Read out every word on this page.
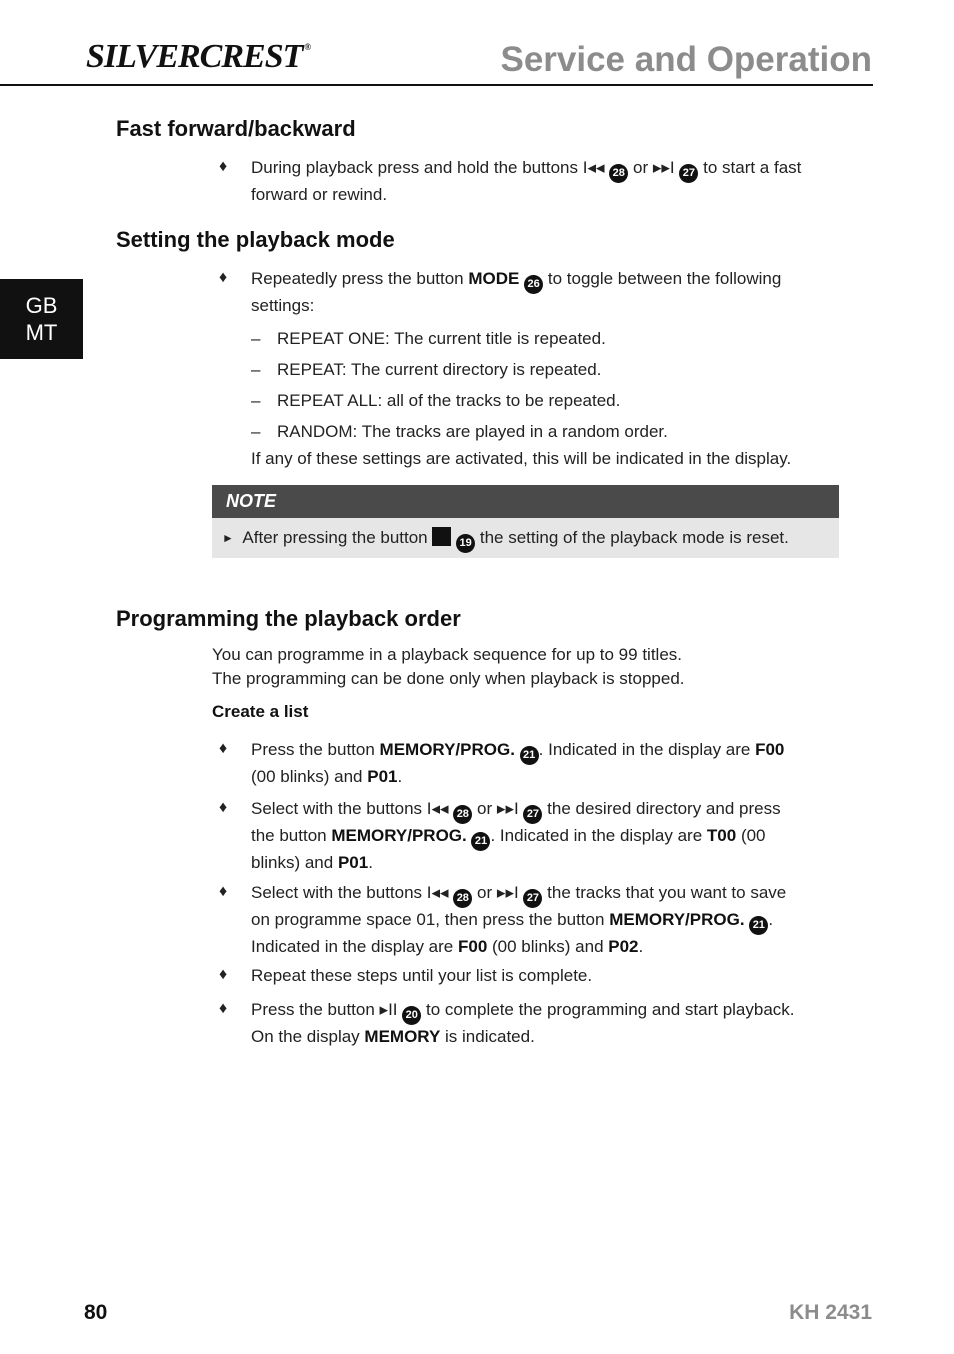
SILVERCREST ®	Service and Operation
GB
MT
Fast forward/backward
♦ During playback press and hold the buttons I◂◂ 28 or ▸▸I 27 to start a fast
forward or rewind.
Setting the playback mode
♦ Repeatedly press the button MODE 26 to toggle between the following
settings:
– REPEAT ONE: The current title is repeated.
– REPEAT: The current directory is repeated.
– REPEAT ALL: all of the tracks to be repeated.
– RANDOM: The tracks are played in a random order.
If any of these settings are activated, this will be indicated in the display.
NOTE
► After pressing the button	19 the setting of the playback mode is reset.
Programming the playback order
You can programme in a playback sequence for up to 99 titles.
The programming can be done only when playback is stopped.
Create a list
♦ Press the button MEMORY/PROG. 21 . Indicated in the display are F00
(00 blinks) and P01.
♦ Select with the buttons I◂◂ 28 or ▸▸I 27 the desired directory and press
the button MEMORY/PROG. 21 . Indicated in the display are T00 (00
blinks) and P01.
♦ Select with the buttons I◂◂ 28 or ▸▸I 27 the tracks that you want to save
on programme space 01, then press the button MEMORY/PROG. 21 .
Indicated in the display are F00 (00 blinks) and P02.
♦ Repeat these steps until your list is complete.
♦ Press the button ▸II 20 to complete the programming and start playback.
On the display MEMORY is indicated.
80	KH 2431
